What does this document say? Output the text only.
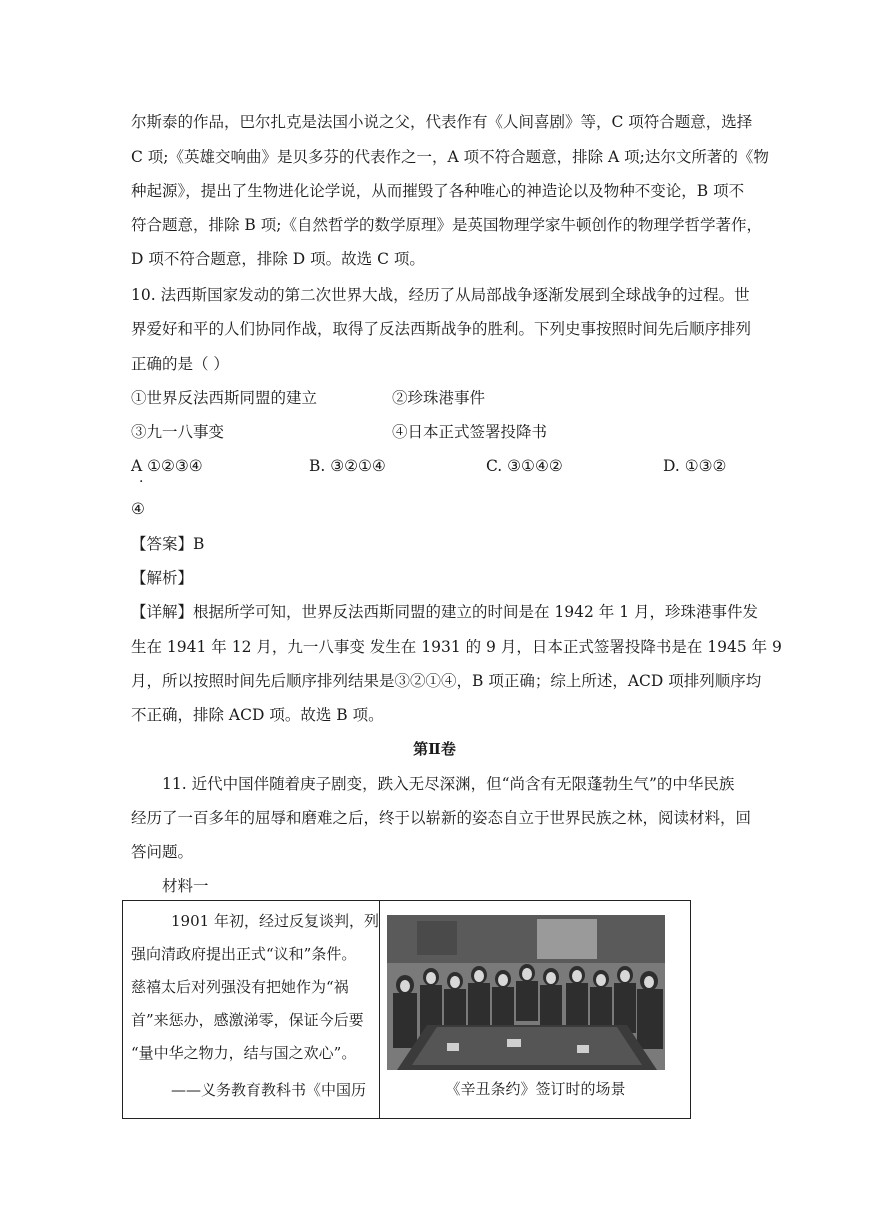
尔斯泰的作品，巴尔扎克是法国小说之父，代表作有《人间喜剧》等，C 项符合题意，选择
C 项;《英雄交响曲》是贝多芬的代表作之一，A 项不符合题意，排除 A 项;达尔文所著的《物
种起源》，提出了生物进化论学说，从而摧毁了各种唯心的神造论以及物种不变论，B 项不
符合题意，排除 B 项;《自然哲学的数学原理》是英国物理学家牛顿创作的物理学哲学著作，
D 项不符合题意，排除 D 项。故选 C 项。
10. 法西斯国家发动的第二次世界大战，经历了从局部战争逐渐发展到全球战争的过程。世
界爱好和平的人们协同作战，取得了反法西斯战争的胜利。下列史事按照时间先后顺序排列
正确的是（ ）
①世界反法西斯同盟的建立	②珍珠港事件
③九一八事变	④日本正式签署投降书
A ①②③④	B. ③②①④	C. ③①④②	D. ①③②
·
④
【答案】B
【解析】
【详解】根据所学可知，世界反法西斯同盟的建立的时间是在 1942 年 1 月，珍珠港事件发
生在 1941 年 12 月，九一八事变 发生在 1931 的 9 月，日本正式签署投降书是在 1945 年 9
月，所以按照时间先后顺序排列结果是③②①④，B 项正确；综上所述，ACD 项排列顺序均
不正确，排除 ACD 项。故选 B 项。
第Ⅱ卷
11. 近代中国伴随着庚子剧变，跌入无尽深渊，但“尚含有无限蓬勃生气”的中华民族
经历了一百多年的屈辱和磨难之后，终于以崭新的姿态自立于世界民族之林，阅读材料，回
答问题。
材料一
1901 年初，经过反复谈判，列
强向清政府提出正式“议和”条件。
慈禧太后对列强没有把她作为“祸
首”来惩办，感激涕零，保证今后要
“量中华之物力，结与国之欢心”。
——义务教育教科书《中国历	《辛丑条约》签订时的场景
